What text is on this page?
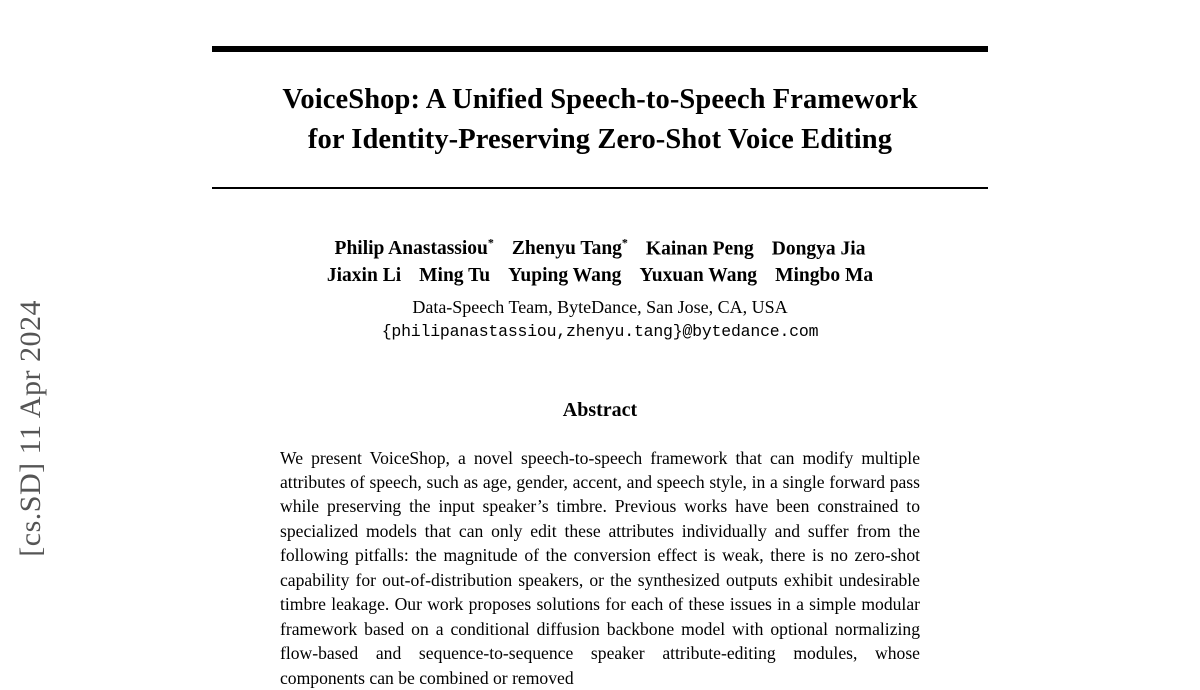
[cs.SD] 11 Apr 2024
VoiceShop: A Unified Speech-to-Speech Framework
for Identity-Preserving Zero-Shot Voice Editing
Philip Anastassiou* Zhenyu Tang* Kainan Peng Dongya Jia
Jiaxin Li Ming Tu Yuping Wang Yuxuan Wang Mingbo Ma
Data-Speech Team, ByteDance, San Jose, CA, USA
{philipanastassiou,zhenyu.tang}@bytedance.com
Abstract
We present VoiceShop, a novel speech-to-speech framework that can modify multiple attributes of speech, such as age, gender, accent, and speech style, in a single forward pass while preserving the input speaker’s timbre. Previous works have been constrained to specialized models that can only edit these attributes individually and suffer from the following pitfalls: the magnitude of the conversion effect is weak, there is no zero-shot capability for out-of-distribution speakers, or the synthesized outputs exhibit undesirable timbre leakage. Our work proposes solutions for each of these issues in a simple modular framework based on a conditional diffusion backbone model with optional normalizing flow-based and sequence-to-sequence speaker attribute-editing modules, whose components can be combined or removed
